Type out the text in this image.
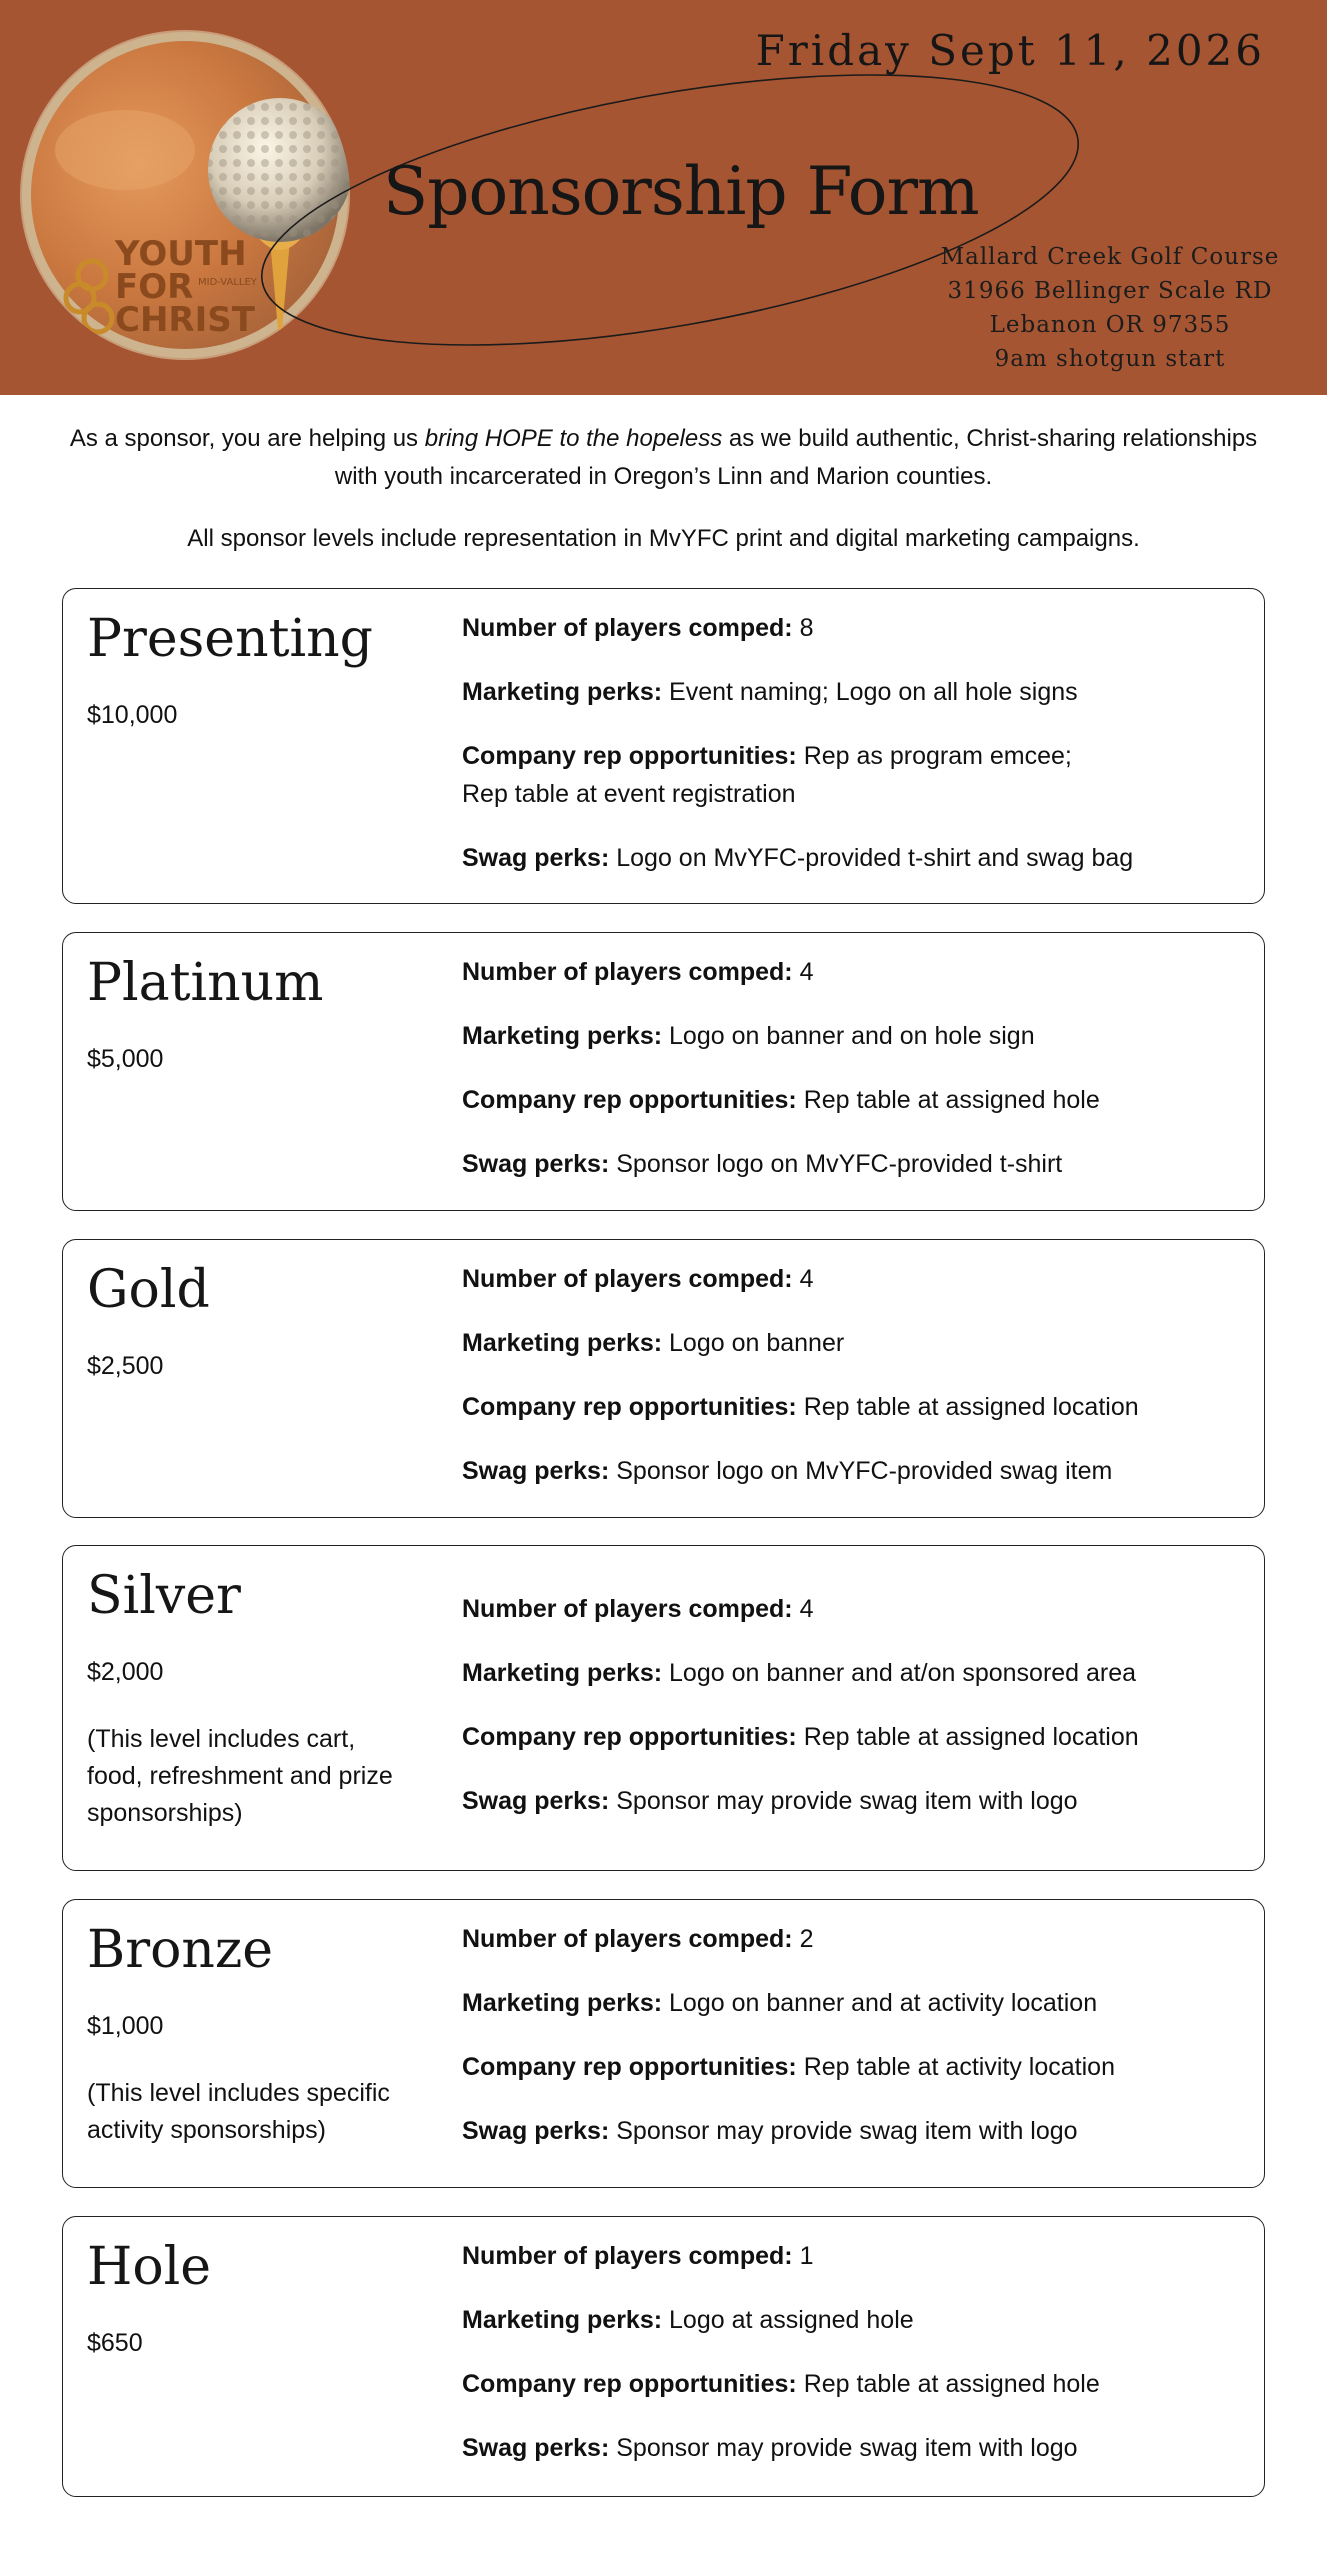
YOUTH
FOR
CHRIST
MID-VALLEY
Friday Sept 11, 2026
Sponsorship Form
Mallard Creek Golf Course
31966 Bellinger Scale RD
Lebanon OR 97355
9am shotgun start
As a sponsor, you are helping us bring HOPE to the hopeless as we build authentic, Christ-sharing relationships with youth incarcerated in Oregon’s Linn and Marion counties.
All sponsor levels include representation in MvYFC print and digital marketing campaigns.
Presenting
$10,000
Number of players comped: 8
Marketing perks: Event naming; Logo on all hole signs
Company rep opportunities: Rep as program emcee;
Rep table at event registration
Swag perks: Logo on MvYFC-provided t-shirt and swag bag
Platinum
$5,000
Number of players comped: 4
Marketing perks: Logo on banner and on hole sign
Company rep opportunities: Rep table at assigned hole
Swag perks: Sponsor logo on MvYFC-provided t-shirt
Gold
$2,500
Number of players comped: 4
Marketing perks: Logo on banner
Company rep opportunities: Rep table at assigned location
Swag perks: Sponsor logo on MvYFC-provided swag item
Silver
$2,000
(This level includes cart, food, refreshment and prize sponsorships)
Number of players comped: 4
Marketing perks: Logo on banner and at/on sponsored area
Company rep opportunities: Rep table at assigned location
Swag perks: Sponsor may provide swag item with logo
Bronze
$1,000
(This level includes specific activity sponsorships)
Number of players comped: 2
Marketing perks: Logo on banner and at activity location
Company rep opportunities: Rep table at activity location
Swag perks: Sponsor may provide swag item with logo
Hole
$650
Number of players comped: 1
Marketing perks: Logo at assigned hole
Company rep opportunities: Rep table at assigned hole
Swag perks: Sponsor may provide swag item with logo
